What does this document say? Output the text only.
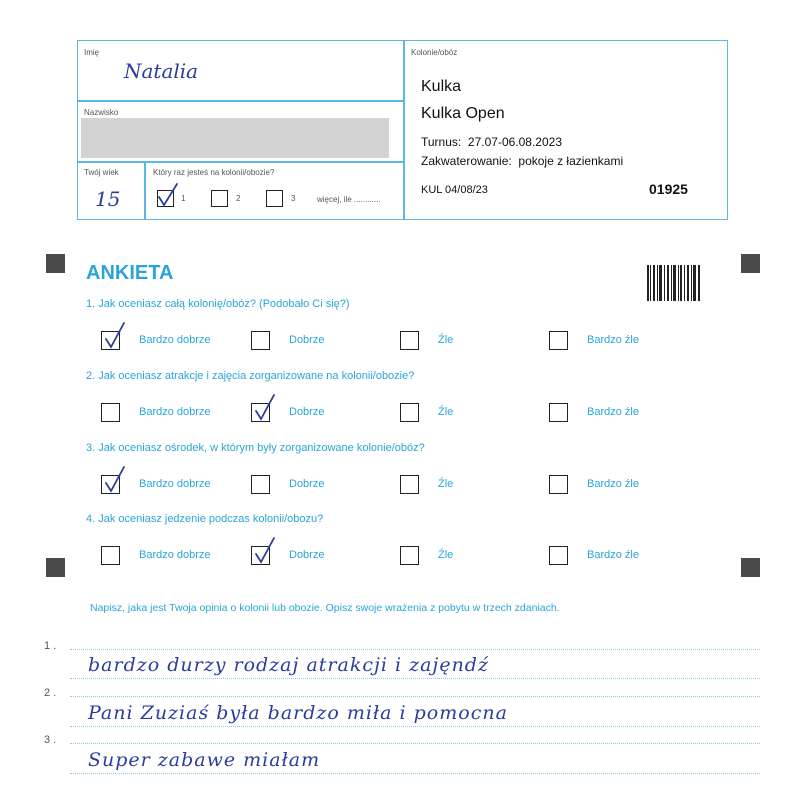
Imię
Natalia
Nazwisko
Twój wiek
15
Który raz jesteś na kolonii/obozie?
1	2	3	więcej, ile ............
Kolonie/obóz
Kulka
Kulka Open
Turnus: 27.07-06.08.2023
Zakwaterowanie: pokoje z łazienkami
KUL 04/08/23	01925
ANKIETA
1. Jak oceniasz całą kolonię/obóz? (Podobało Ci się?)
Bardzo dobrze	Dobrze	Źle	Bardzo źle
2. Jak oceniasz atrakcje i zajęcia zorganizowane na kolonii/obozie?
Bardzo dobrze	Dobrze	Źle	Bardzo źle
3. Jak oceniasz ośrodek, w którym były zorganizowane kolonie/obóz?
Bardzo dobrze	Dobrze	Źle	Bardzo źle
4. Jak oceniasz jedzenie podczas kolonii/obozu?
Bardzo dobrze	Dobrze	Źle	Bardzo źle
Napisz, jaka jest Twoja opinia o kolonii lub obozie. Opisz swoje wrażenia z pobytu w trzech zdaniach.
1 .
bardzo durzy rodzaj atrakcji i zajęndź
2 .
Pani Zuziaś była bardzo miła i pomocna
3 .
Super zabawe miałam
